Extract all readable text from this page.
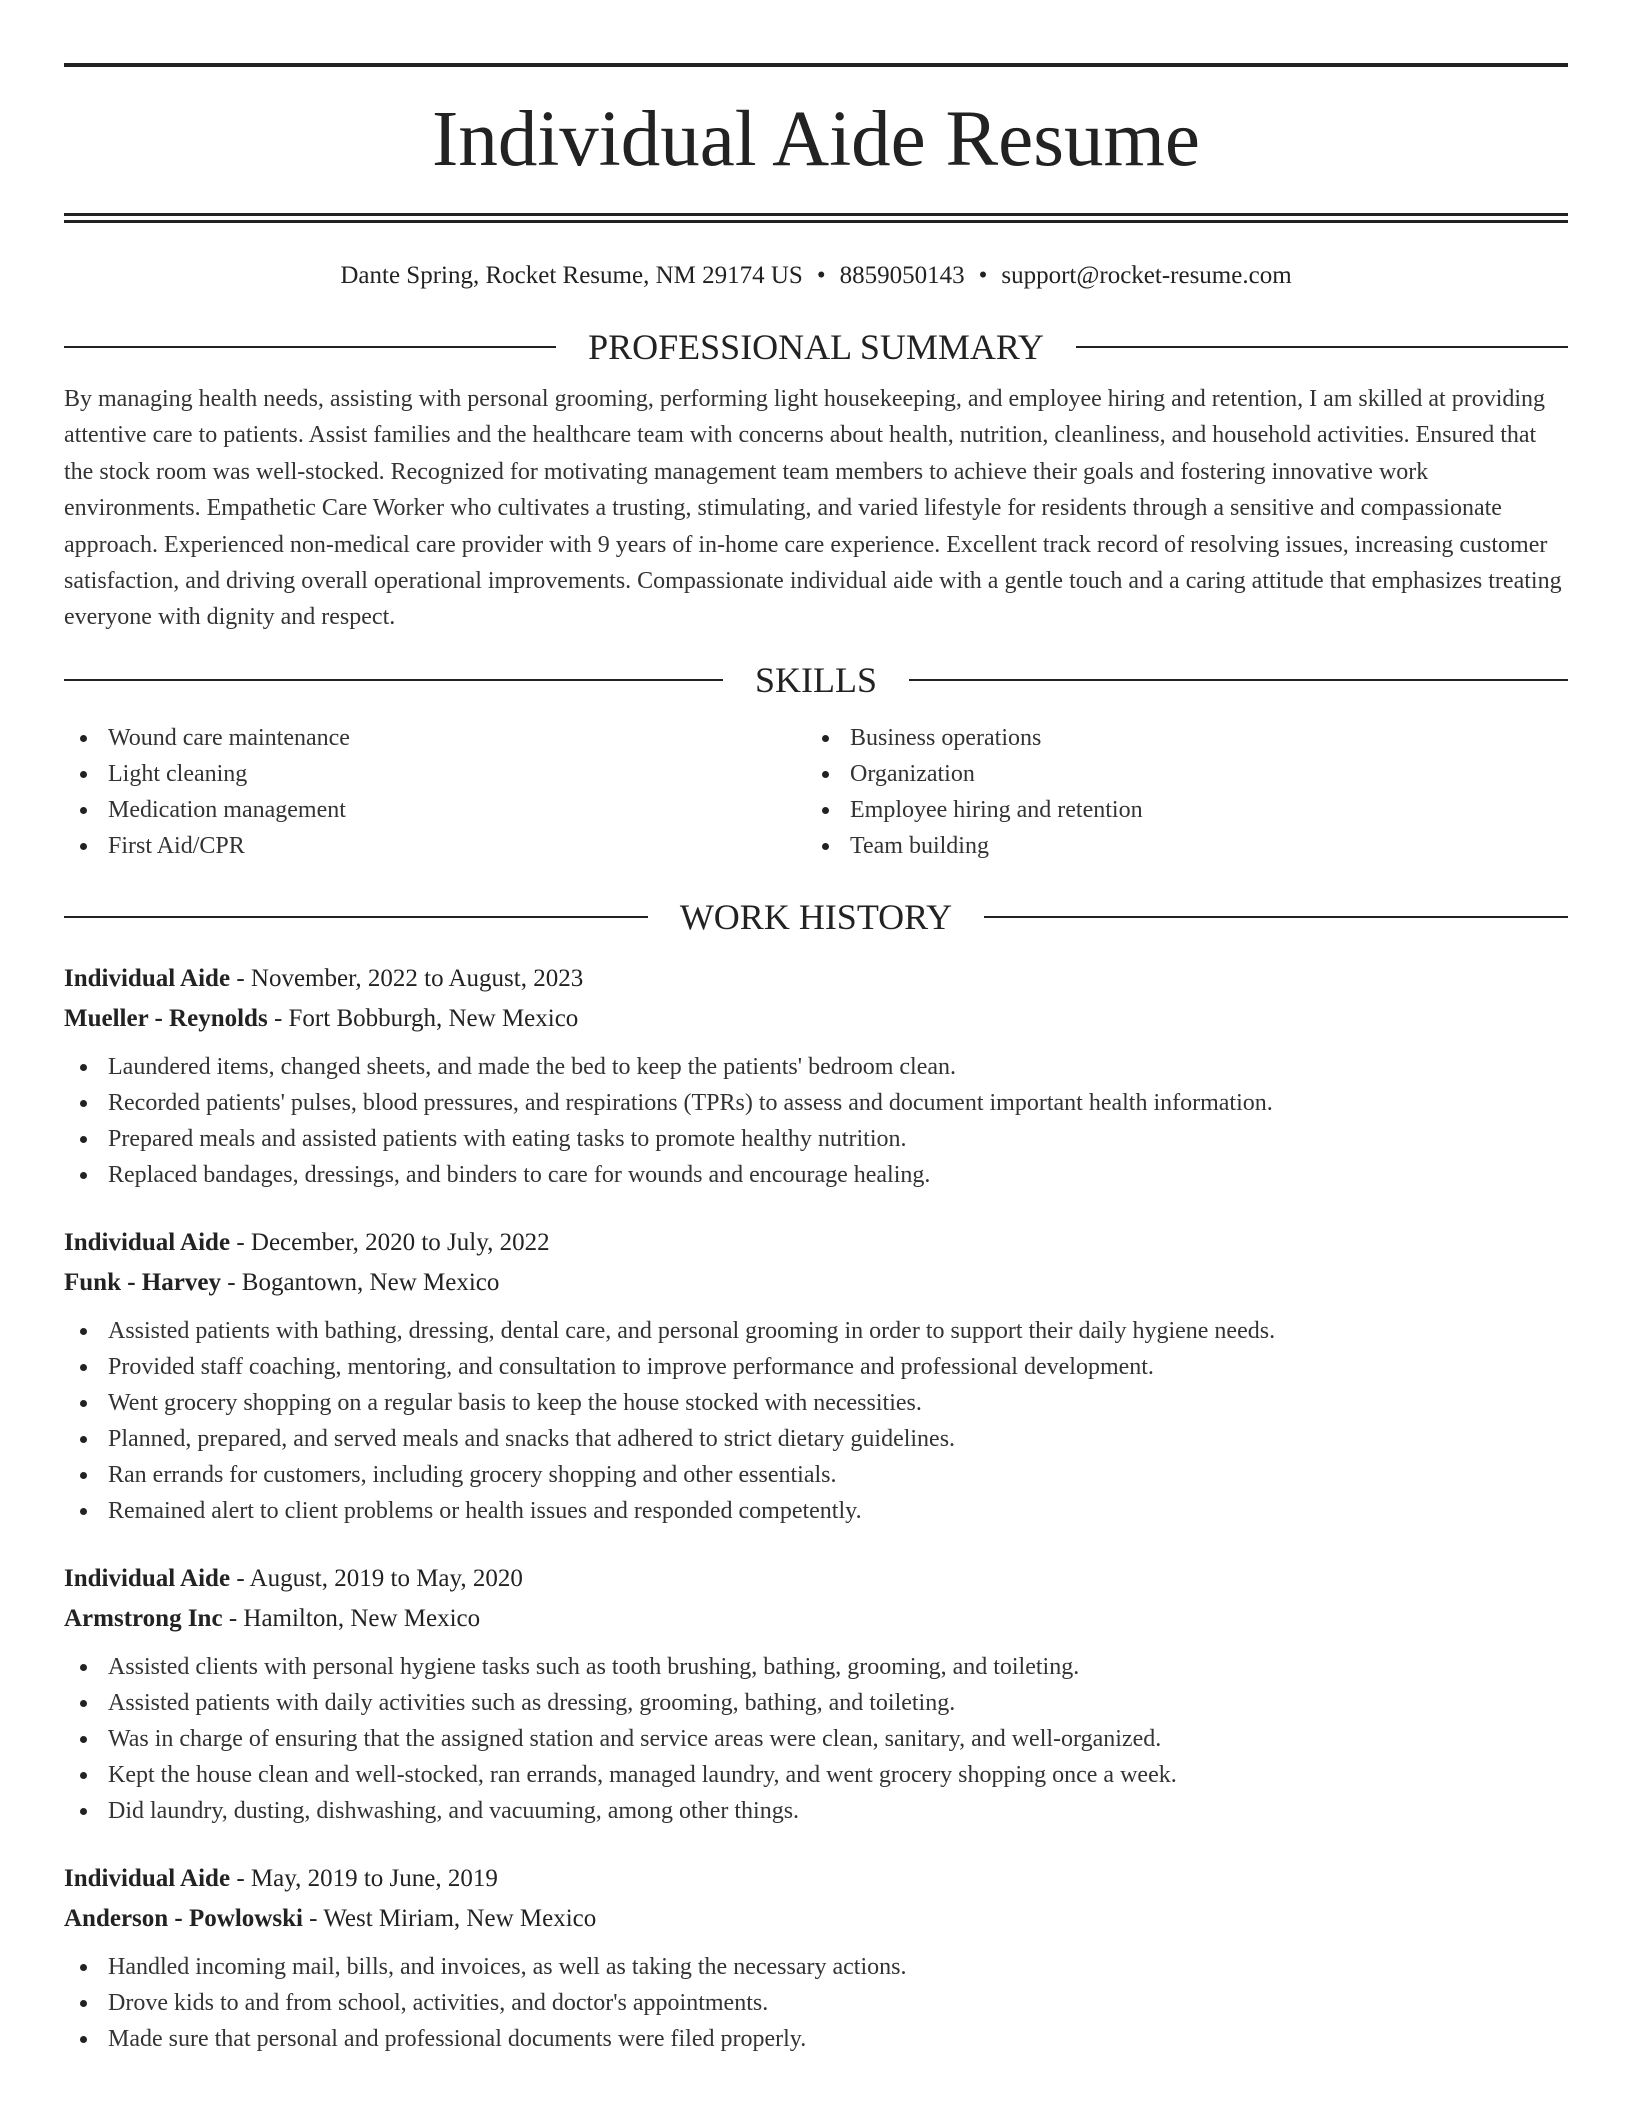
Individual Aide Resume
Dante Spring, Rocket Resume, NM 29174 US • 8859050143 • support@rocket-resume.com
PROFESSIONAL SUMMARY

By managing health needs, assisting with personal grooming, performing light housekeeping, and employee hiring and retention, I am skilled at providing attentive care to patients. Assist families and the healthcare team with concerns about health, nutrition, cleanliness, and household activities. Ensured that the stock room was well-stocked. Recognized for motivating management team members to achieve their goals and fostering innovative work environments. Empathetic Care Worker who cultivates a trusting, stimulating, and varied lifestyle for residents through a sensitive and compassionate approach. Experienced non-medical care provider with 9 years of in-home care experience. Excellent track record of resolving issues, increasing customer satisfaction, and driving overall operational improvements. Compassionate individual aide with a gentle touch and a caring attitude that emphasizes treating everyone with dignity and respect.

SKILLS
Wound care maintenance
Light cleaning
Medication management
First Aid/CPR
Business operations
Organization
Employee hiring and retention
Team building
WORK HISTORY
Individual Aide - November, 2022 to August, 2023
Mueller - Reynolds - Fort Bobburgh, New Mexico
Laundered items, changed sheets, and made the bed to keep the patients' bedroom clean.
Recorded patients' pulses, blood pressures, and respirations (TPRs) to assess and document important health information.
Prepared meals and assisted patients with eating tasks to promote healthy nutrition.
Replaced bandages, dressings, and binders to care for wounds and encourage healing.
Individual Aide - December, 2020 to July, 2022
Funk - Harvey - Bogantown, New Mexico
Assisted patients with bathing, dressing, dental care, and personal grooming in order to support their daily hygiene needs.
Provided staff coaching, mentoring, and consultation to improve performance and professional development.
Went grocery shopping on a regular basis to keep the house stocked with necessities.
Planned, prepared, and served meals and snacks that adhered to strict dietary guidelines.
Ran errands for customers, including grocery shopping and other essentials.
Remained alert to client problems or health issues and responded competently.
Individual Aide - August, 2019 to May, 2020
Armstrong Inc - Hamilton, New Mexico
Assisted clients with personal hygiene tasks such as tooth brushing, bathing, grooming, and toileting.
Assisted patients with daily activities such as dressing, grooming, bathing, and toileting.
Was in charge of ensuring that the assigned station and service areas were clean, sanitary, and well-organized.
Kept the house clean and well-stocked, ran errands, managed laundry, and went grocery shopping once a week.
Did laundry, dusting, dishwashing, and vacuuming, among other things.
Individual Aide - May, 2019 to June, 2019
Anderson - Powlowski - West Miriam, New Mexico
Handled incoming mail, bills, and invoices, as well as taking the necessary actions.
Drove kids to and from school, activities, and doctor's appointments.
Made sure that personal and professional documents were filed properly.
